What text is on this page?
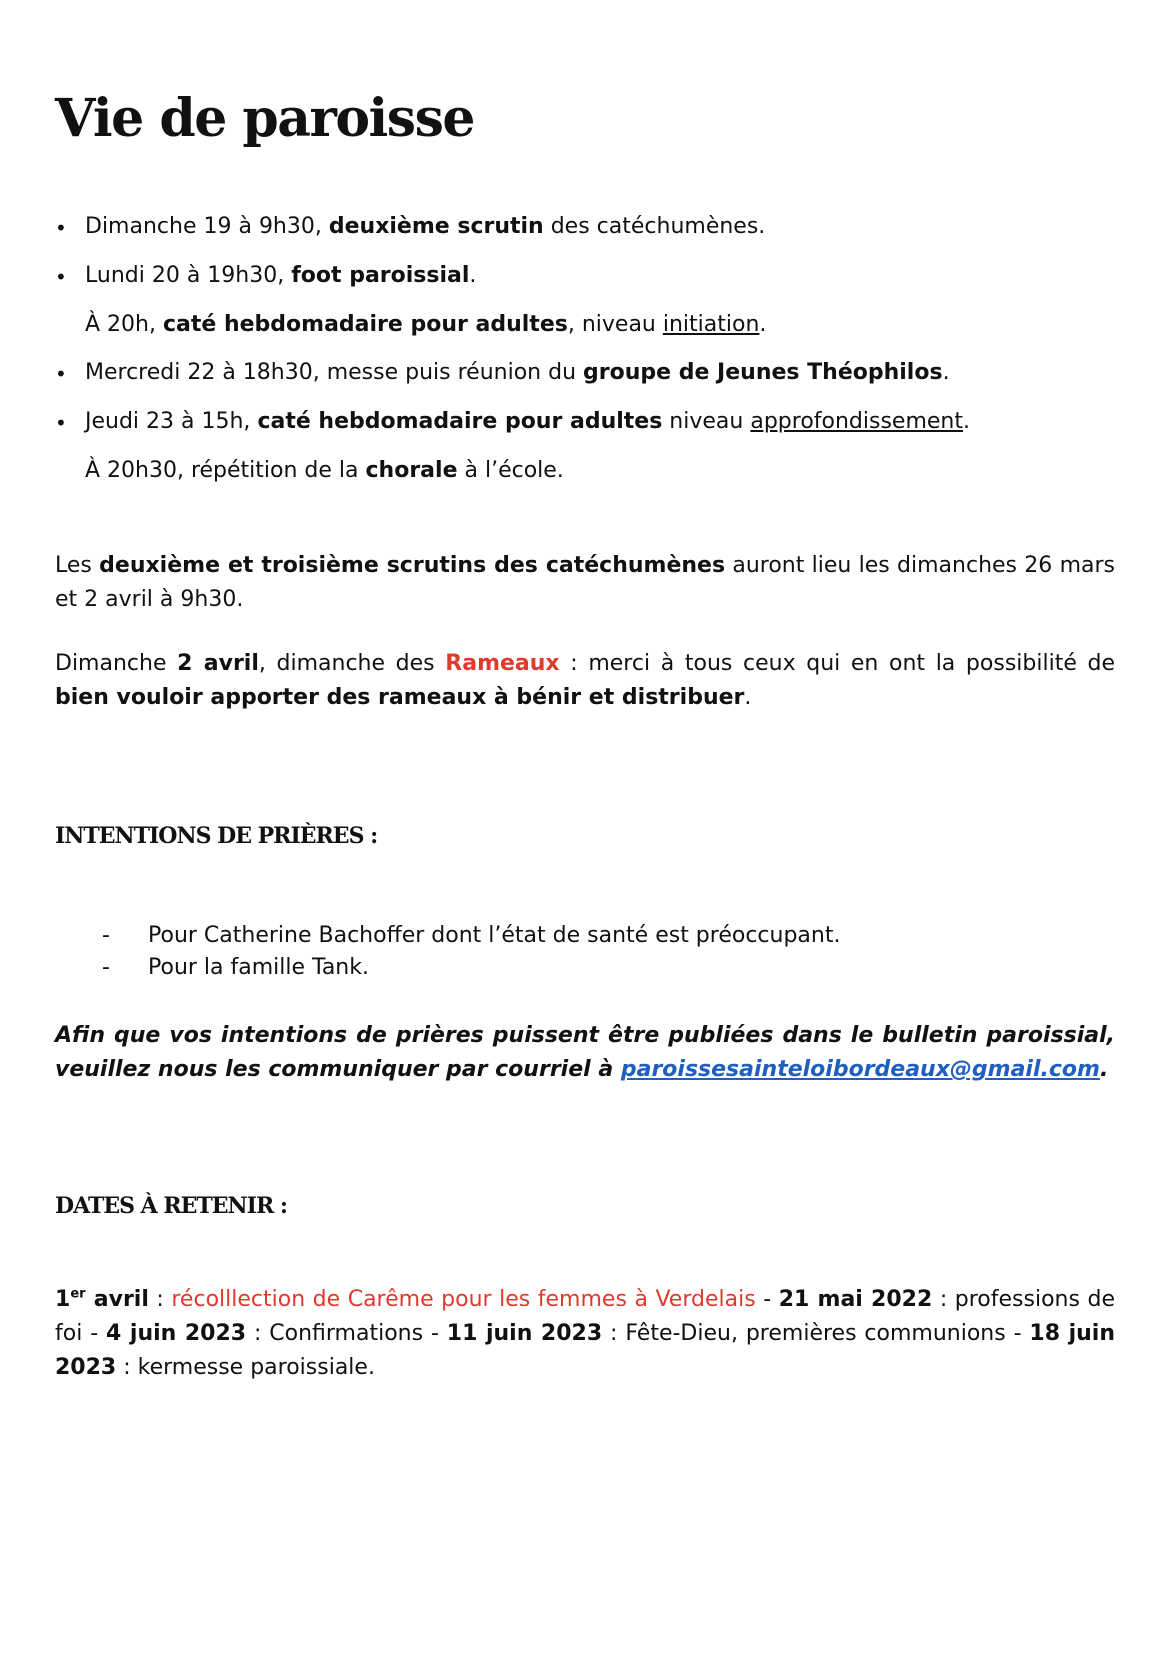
Vie de paroisse
• Dimanche 19 à 9h30, deuxième scrutin des catéchumènes.

• Lundi 20 à 19h30, foot paroissial.

À 20h, caté hebdomadaire pour adultes, niveau initiation.

• Mercredi 22 à 18h30, messe puis réunion du groupe de Jeunes Théophilos.

• Jeudi 23 à 15h, caté hebdomadaire pour adultes niveau approfondissement.

À 20h30, répétition de la chorale à l’école.

Les deuxième et troisième scrutins des catéchumènes auront lieu les dimanches 26 mars et 2 avril à 9h30.

Dimanche 2 avril, dimanche des Rameaux : merci à tous ceux qui en ont la possibilité de bien vouloir apporter des rameaux à bénir et distribuer.

INTENTIONS DE PRIÈRES :
- Pour Catherine Bachoffer dont l’état de santé est préoccupant.

- Pour la famille Tank.

Afin que vos intentions de prières puissent être publiées dans le bulletin paroissial, veuillez nous les communiquer par courriel à paroissesainteloibordeaux@gmail.com.

DATES À RETENIR :

1er avril : récolllection de Carême pour les femmes à Verdelais - 21 mai 2022 : professions de foi - 4 juin 2023 : Confirmations - 11 juin 2023 : Fête-Dieu, premières communions - 18 juin 2023 : kermesse paroissiale.
